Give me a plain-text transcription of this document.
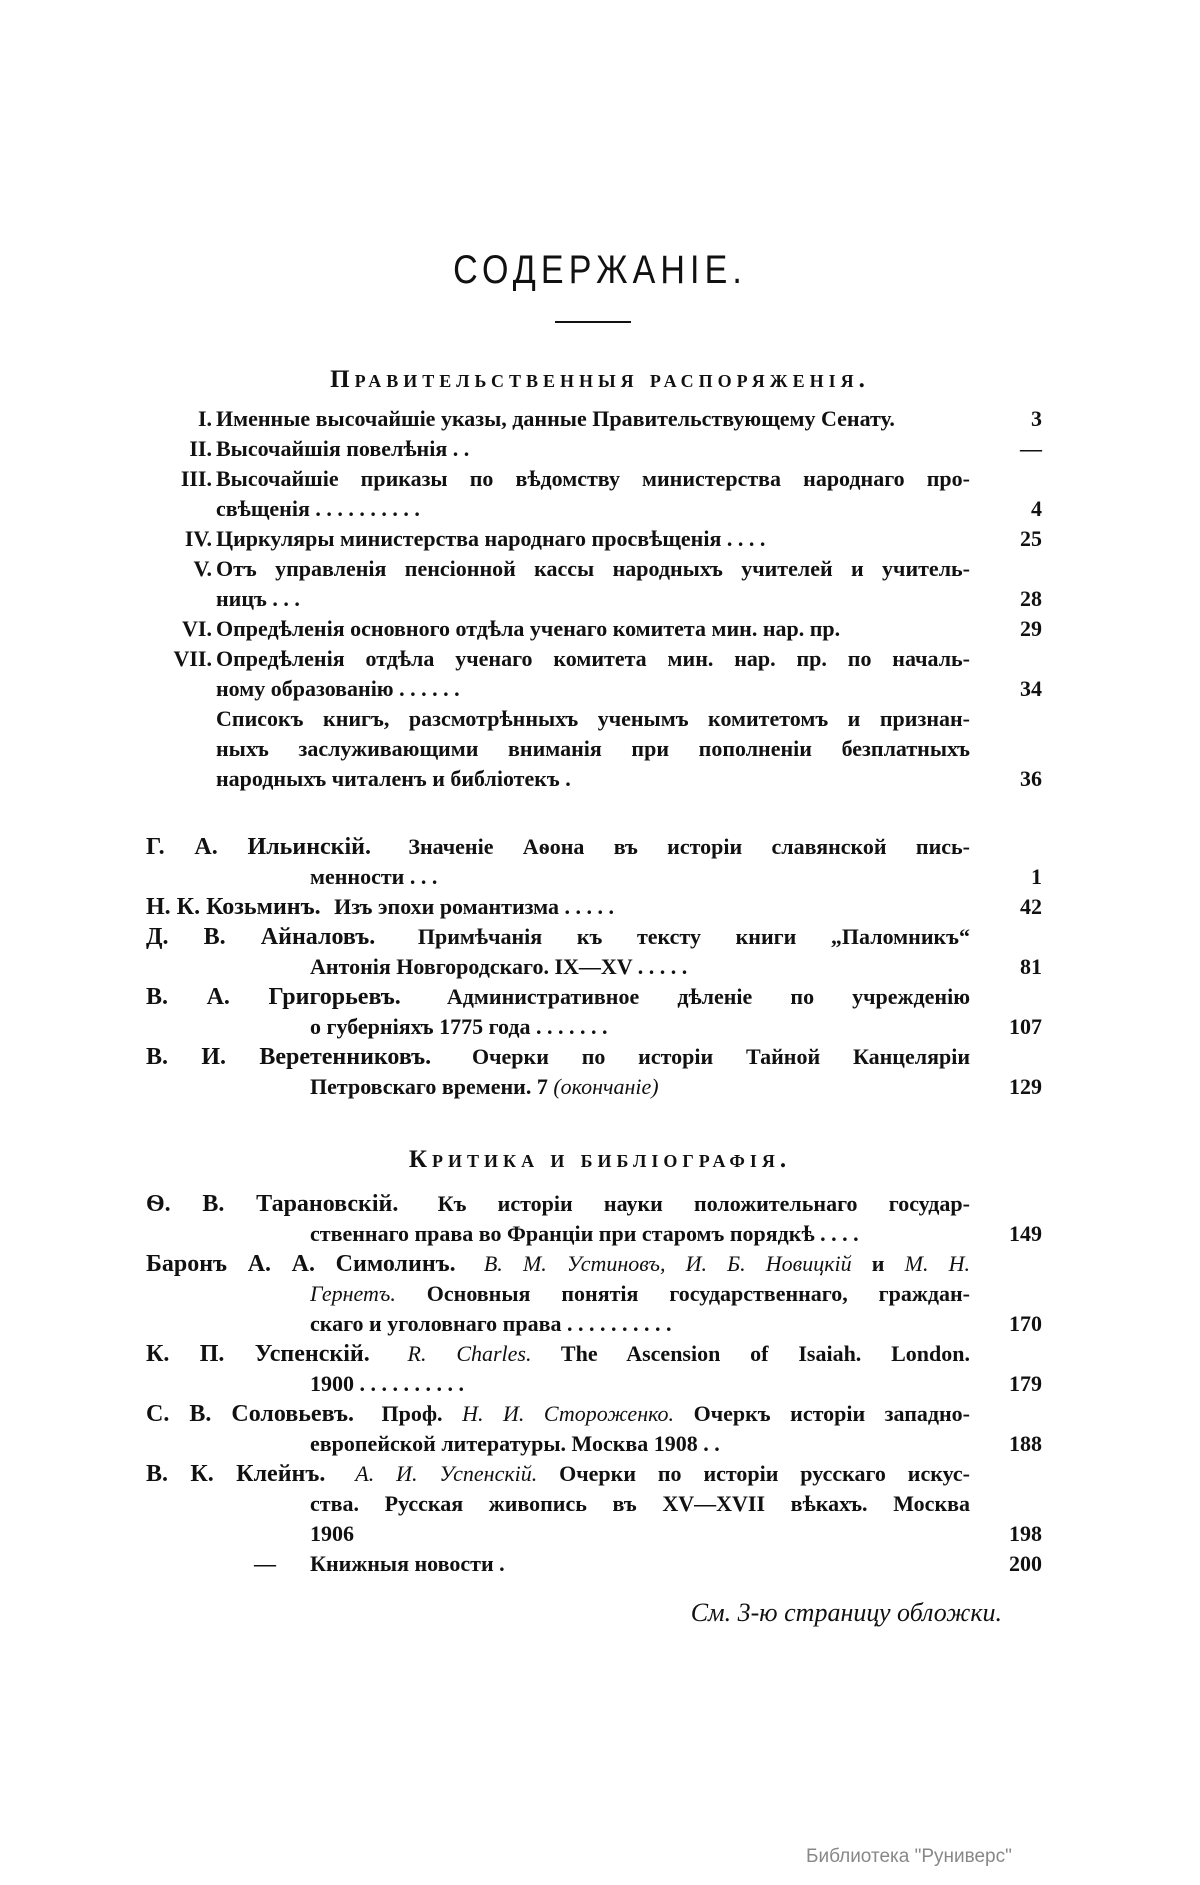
СОДЕРЖАНІЕ.
Правительственныя распоряженія.
I. Именные высочайшіе указы, данные Правительствующему Сенату.	3
II. Высочайшія повелѣнія . .	—
III. Высочайшіе приказы по вѣдомству министерства народнаго про-
свѣщенія . . . . . . . . . .	4
IV. Циркуляры министерства народнаго просвѣщенія . . . .	25
V. Отъ управленія пенсіонной кассы народныхъ учителей и учитель-
ницъ . . .	28
VI. Опредѣленія основного отдѣла ученаго комитета мин. нар. пр.	29
VII. Опредѣленія отдѣла ученаго комитета мин. нар. пр. по началь-
ному образованію . . . . . .	34
Списокъ книгъ, разсмотрѣнныхъ ученымъ комитетомъ и признан-
ныхъ заслуживающими вниманія при пополненіи безплатныхъ
народныхъ читаленъ и библіотекъ .	36
Г. А. Ильинскій. Значеніе Аѳона въ исторіи славянской пись-
менности . . .	1
Н. К. Козьминъ. Изъ эпохи романтизма . . . . .	42
Д. В. Айналовъ. Примѣчанія къ тексту книги „Паломникъ“
Антонія Новгородскаго. IX—XV . . . . .	81
В. А. Григорьевъ. Административное дѣленіе по учрежденію
о губерніяхъ 1775 года . . . . . . .	107
В. И. Веретенниковъ. Очерки по исторіи Тайной Канцеляріи
Петровскаго времени. 7 (окончаніе)	129
Критика и библіографія.
Ѳ. В. Тарановскій. Къ исторіи науки положительнаго государ-
ственнаго права во Франціи при старомъ порядкѣ . . . .	149
Баронъ А. А. Симолинъ. В. М. Устиновъ, И. Б. Новицкій и М. Н.
Гернетъ. Основныя понятія государственнаго, граждан-
скаго и уголовнаго права . . . . . . . . . .	170
К. П. Успенскій. R. Charles. The Ascension of Isaiah. London.
1900 . . . . . . . . . .	179
С. В. Соловьевъ. Проф. Н. И. Стороженко. Очеркъ исторіи западно-
европейской литературы. Москва 1908 . .	188
В. К. Клейнъ. А. И. Успенскій. Очерки по исторіи русскаго искус-
ства. Русская живопись въ XV—XVII вѣкахъ. Москва
1906	198
— Книжныя новости .	200
См. 3-ю страницу обложки.
Библиотека "Руниверс"
